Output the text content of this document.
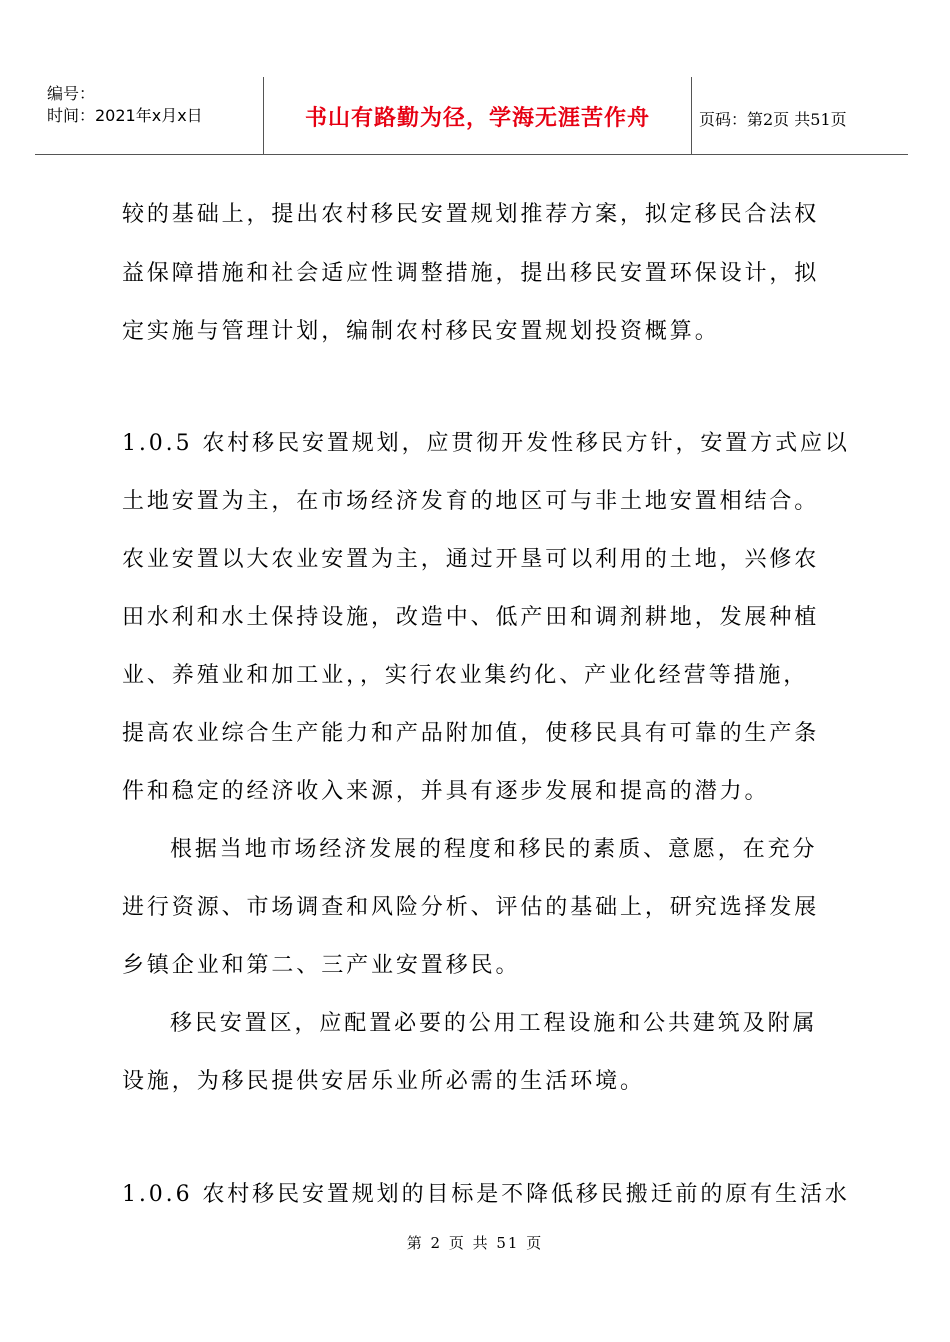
编号：
时间：2021年x月x日	书山有路勤为径，学海无涯苦作舟	页码：第2页 共51页
较的基础上，提出农村移民安置规划推荐方案，拟定移民合法权
益保障措施和社会适应性调整措施，提出移民安置环保设计，拟
定实施与管理计划，编制农村移民安置规划投资概算。
1.0.5 农村移民安置规划，应贯彻开发性移民方针，安置方式应以
土地安置为主，在市场经济发育的地区可与非土地安置相结合。
农业安置以大农业安置为主，通过开垦可以利用的土地，兴修农
田水利和水土保持设施，改造中、低产田和调剂耕地，发展种植
业、养殖业和加工业，，实行农业集约化、产业化经营等措施，
提高农业综合生产能力和产品附加值，使移民具有可靠的生产条
件和稳定的经济收入来源，并具有逐步发展和提高的潜力。
根据当地市场经济发展的程度和移民的素质、意愿，在充分
进行资源、市场调查和风险分析、评估的基础上，研究选择发展
乡镇企业和第二、三产业安置移民。
移民安置区，应配置必要的公用工程设施和公共建筑及附属
设施，为移民提供安居乐业所必需的生活环境。
1.0.6 农村移民安置规划的目标是不降低移民搬迁前的原有生活水
第 2 页 共 51 页
